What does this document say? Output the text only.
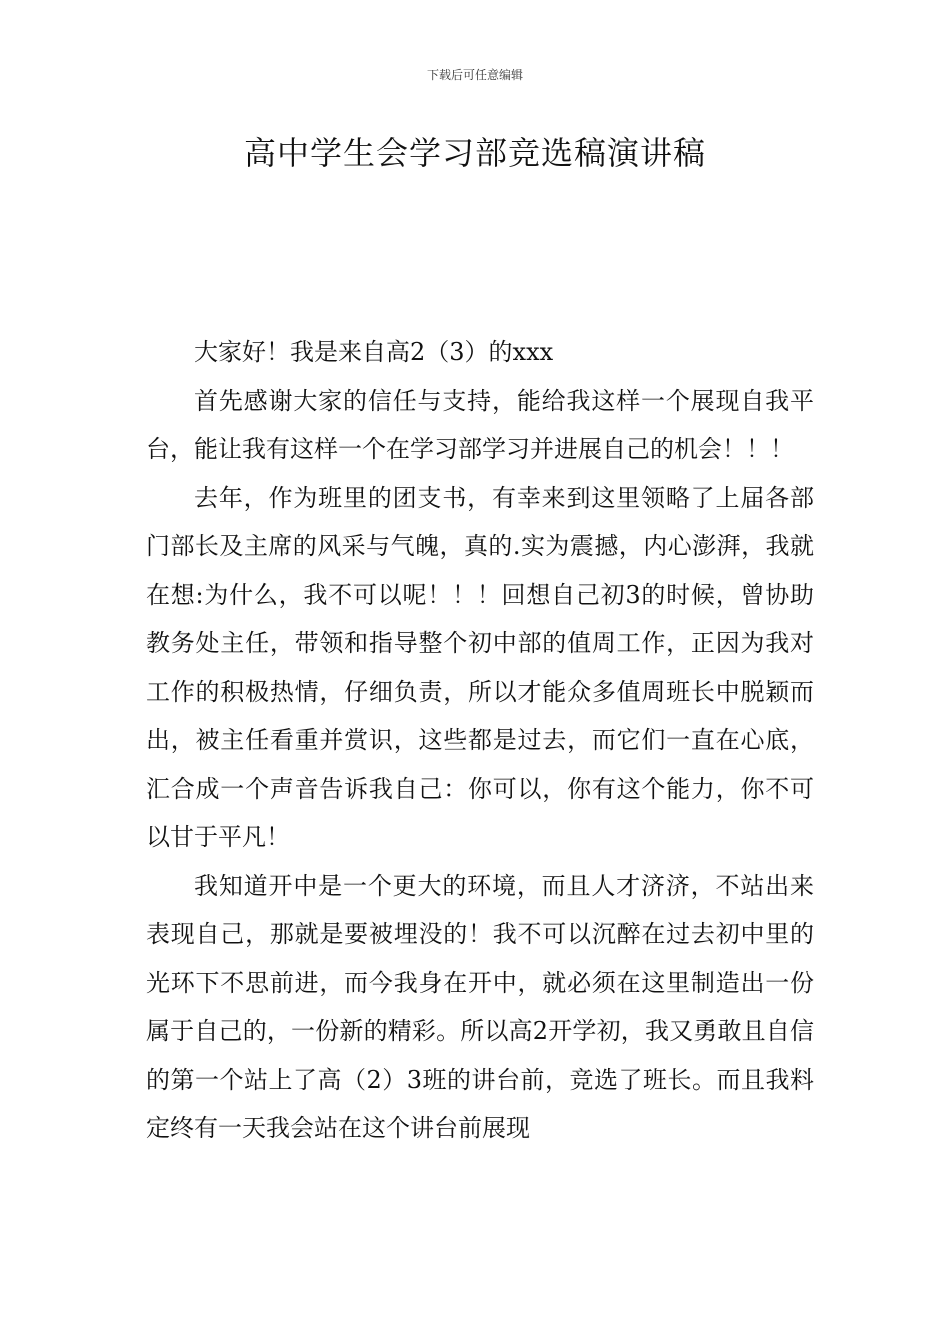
下载后可任意编辑
高中学生会学习部竞选稿演讲稿

大家好！我是来自高2（3）的xxx

首先感谢大家的信任与支持，能给我这样一个展现自我平台，能让我有这样一个在学习部学习并进展自己的机会！！！

去年，作为班里的团支书，有幸来到这里领略了上届各部门部长及主席的风采与气魄，真的.实为震撼，内心澎湃，我就在想:为什么，我不可以呢！！！回想自己初3的时候，曾协助教务处主任，带领和指导整个初中部的值周工作，正因为我对工作的积极热情，仔细负责，所以才能众多值周班长中脱颖而出，被主任看重并赏识，这些都是过去，而它们一直在心底，汇合成一个声音告诉我自己：你可以，你有这个能力，你不可以甘于平凡！

我知道开中是一个更大的环境，而且人才济济，不站出来表现自己，那就是要被埋没的！我不可以沉醉在过去初中里的光环下不思前进，而今我身在开中，就必须在这里制造出一份属于自己的，一份新的精彩。所以高2开学初，我又勇敢且自信的第一个站上了高（2）3班的讲台前，竞选了班长。而且我料定终有一天我会站在这个讲台前展现
